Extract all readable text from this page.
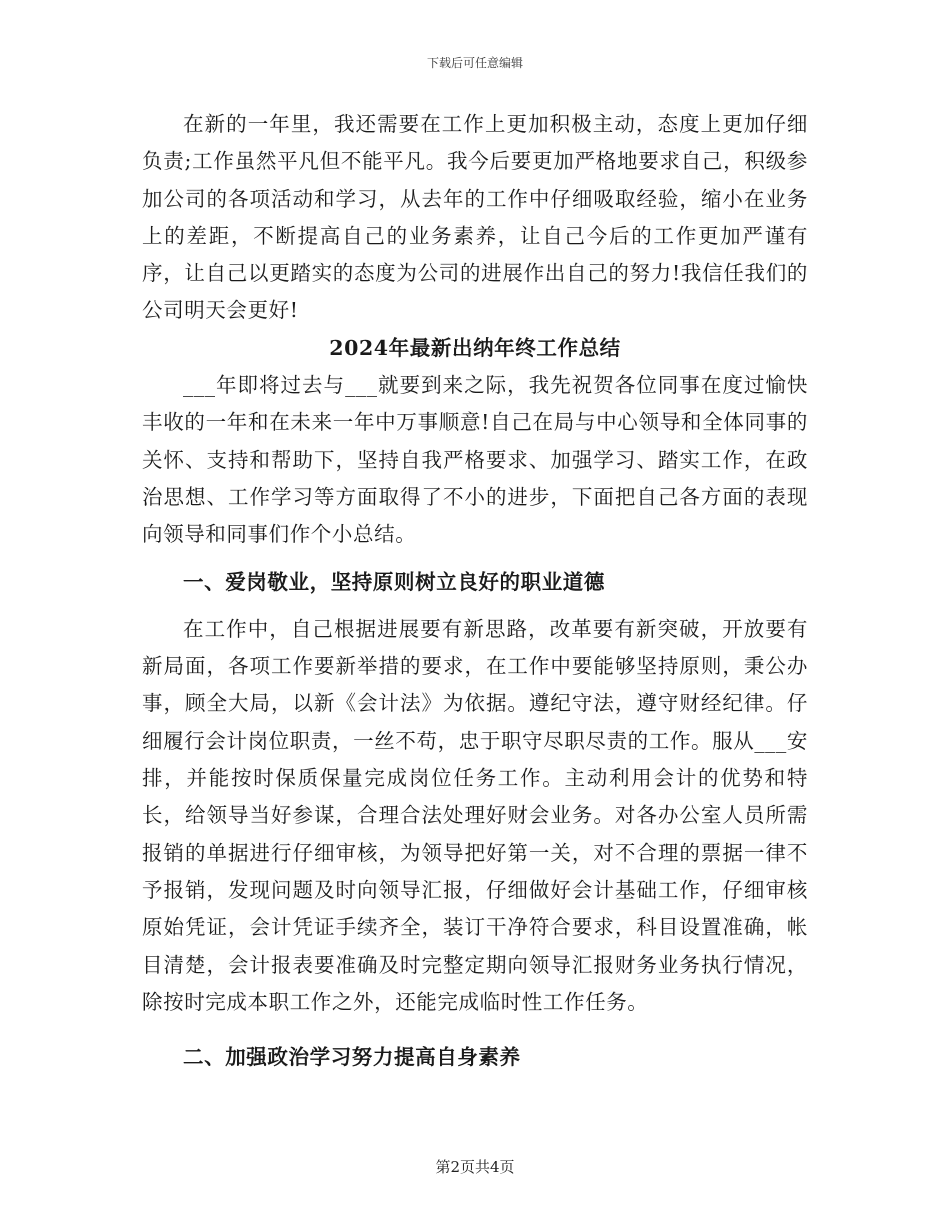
下载后可任意编辑

在新的一年里，我还需要在工作上更加积极主动，态度上更加仔细负责;工作虽然平凡但不能平凡。我今后要更加严格地要求自己，积级参加公司的各项活动和学习，从去年的工作中仔细吸取经验，缩小在业务上的差距，不断提高自己的业务素养，让自己今后的工作更加严谨有序，让自己以更踏实的态度为公司的进展作出自己的努力!我信任我们的公司明天会更好!

2024年最新出纳年终工作总结

___年即将过去与___就要到来之际，我先祝贺各位同事在度过愉快丰收的一年和在未来一年中万事顺意!自己在局与中心领导和全体同事的关怀、支持和帮助下，坚持自我严格要求、加强学习、踏实工作，在政治思想、工作学习等方面取得了不小的进步，下面把自己各方面的表现向领导和同事们作个小总结。

一、爱岗敬业，坚持原则树立良好的职业道德

在工作中，自己根据进展要有新思路，改革要有新突破，开放要有新局面，各项工作要新举措的要求，在工作中要能够坚持原则，秉公办事，顾全大局，以新《会计法》为依据。遵纪守法，遵守财经纪律。仔细履行会计岗位职责，一丝不苟，忠于职守尽职尽责的工作。服从___安排，并能按时保质保量完成岗位任务工作。主动利用会计的优势和特长，给领导当好参谋，合理合法处理好财会业务。对各办公室人员所需报销的单据进行仔细审核，为领导把好第一关，对不合理的票据一律不予报销，发现问题及时向领导汇报，仔细做好会计基础工作，仔细审核原始凭证，会计凭证手续齐全，装订干净符合要求，科目设置准确，帐目清楚，会计报表要准确及时完整定期向领导汇报财务业务执行情况，除按时完成本职工作之外，还能完成临时性工作任务。

二、加强政治学习努力提高自身素养

第2页共4页
